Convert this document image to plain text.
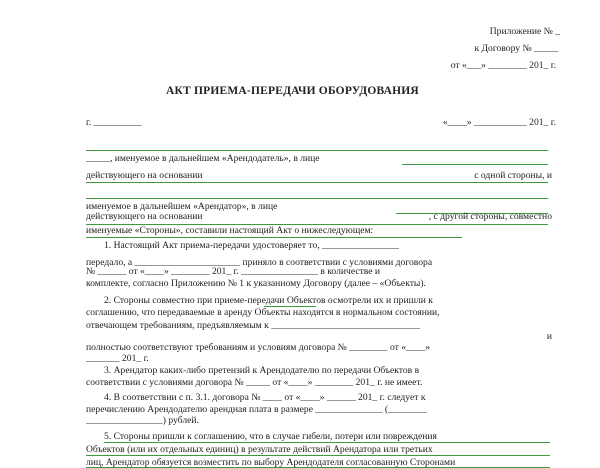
Приложение № _
к Договору № _____
от «___» ________ 201_ г.
АКТ ПРИЕМА-ПЕРЕДАЧИ ОБОРУДОВАНИЯ
г. __________	«____» ___________ 201_ г.
_____, именуемое в дальнейшем «Арендодатель», в лице
действующего на основании	с одной стороны, и
именуемое в дальнейшем «Арендатор», в лице
действующего на основании	, с другой стороны, совместно
именуемые «Стороны», составили настоящий Акт о нижеследующем:
1. Настоящий Акт приема-передачи удостоверяет то, ________________
передало, а ______________________ приняло в соответствии с условиями договора
№ ______ от «____» ________ 201_ г. ________________ в количестве и
комплекте, согласно Приложению № 1 к указанному Договору (далее – «Объекты).
2. Стороны совместно при приеме-передачи Объектов осмотрели их и пришли к
соглашению, что передаваемые в аренду Объекты находятся в нормальном состоянии,
отвечающем требованиям, предъявляемым к _______________________________
и
полностью соответствуют требованиям и условиям договора № ________ от «____»
_______ 201_ г.
3. Арендатор каких-либо претензий к Арендодателю по передачи Объектов в
соответствии с условиями договора № _____ от «____» ________ 201_ г. не имеет.
4. В соответствии с п. 3.1. договора № ____ от «____» ______ 201_ г. следует к
перечислению Арендодателю арендная плата в размере ______________ (________
________________) рублей.
5. Стороны пришли к соглашению, что в случае гибели, потери или повреждения
Объектов (или их отдельных единиц) в результате действий Арендатора или третьих
лиц, Арендатор обязуется возместить по выбору Арендодателя согласованную Сторонами
